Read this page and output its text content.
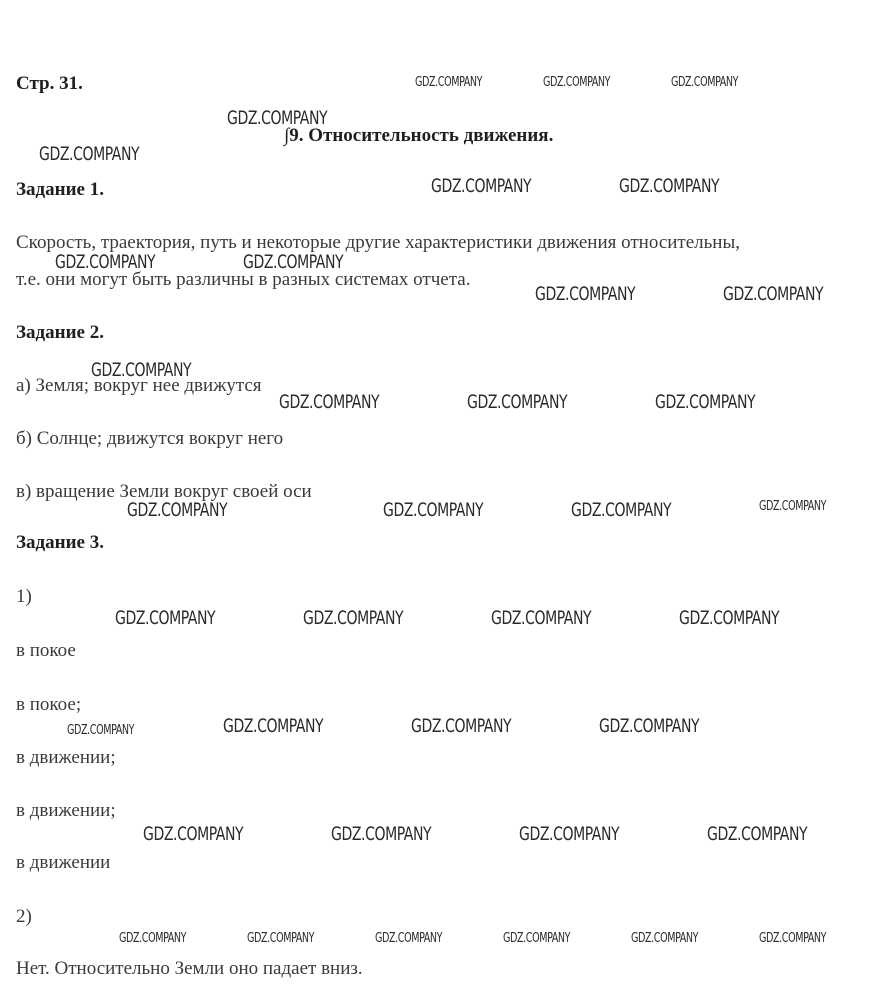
Стр. 31.
∫9. Относительность движения.
Задание 1.
Скорость, траектория, путь и некоторые другие характеристики движения относительны,
т.е. они могут быть различны в разных системах отчета.
Задание 2.
а) Земля; вокруг нее движутся
б) Солнце; движутся вокруг него
в) вращение Земли вокруг своей оси
Задание 3.
1)
в покое
в покое;
в движении;
в движении;
в движении
2)
Нет. Относительно Земли оно падает вниз.
GDZ.COMPANY	GDZ.COMPANY	GDZ.COMPANY
GDZ.COMPANY
GDZ.COMPANY
GDZ.COMPANY	GDZ.COMPANY
GDZ.COMPANY	GDZ.COMPANY
GDZ.COMPANY	GDZ.COMPANY
GDZ.COMPANY
GDZ.COMPANY	GDZ.COMPANY	GDZ.COMPANY
GDZ.COMPANY	GDZ.COMPANY	GDZ.COMPANY	GDZ.COMPANY
GDZ.COMPANY	GDZ.COMPANY	GDZ.COMPANY	GDZ.COMPANY
GDZ.COMPANY	GDZ.COMPANY	GDZ.COMPANY	GDZ.COMPANY
GDZ.COMPANY	GDZ.COMPANY	GDZ.COMPANY	GDZ.COMPANY
GDZ.COMPANY	GDZ.COMPANY	GDZ.COMPANY	GDZ.COMPANY	GDZ.COMPANY	GDZ.COMPANY
